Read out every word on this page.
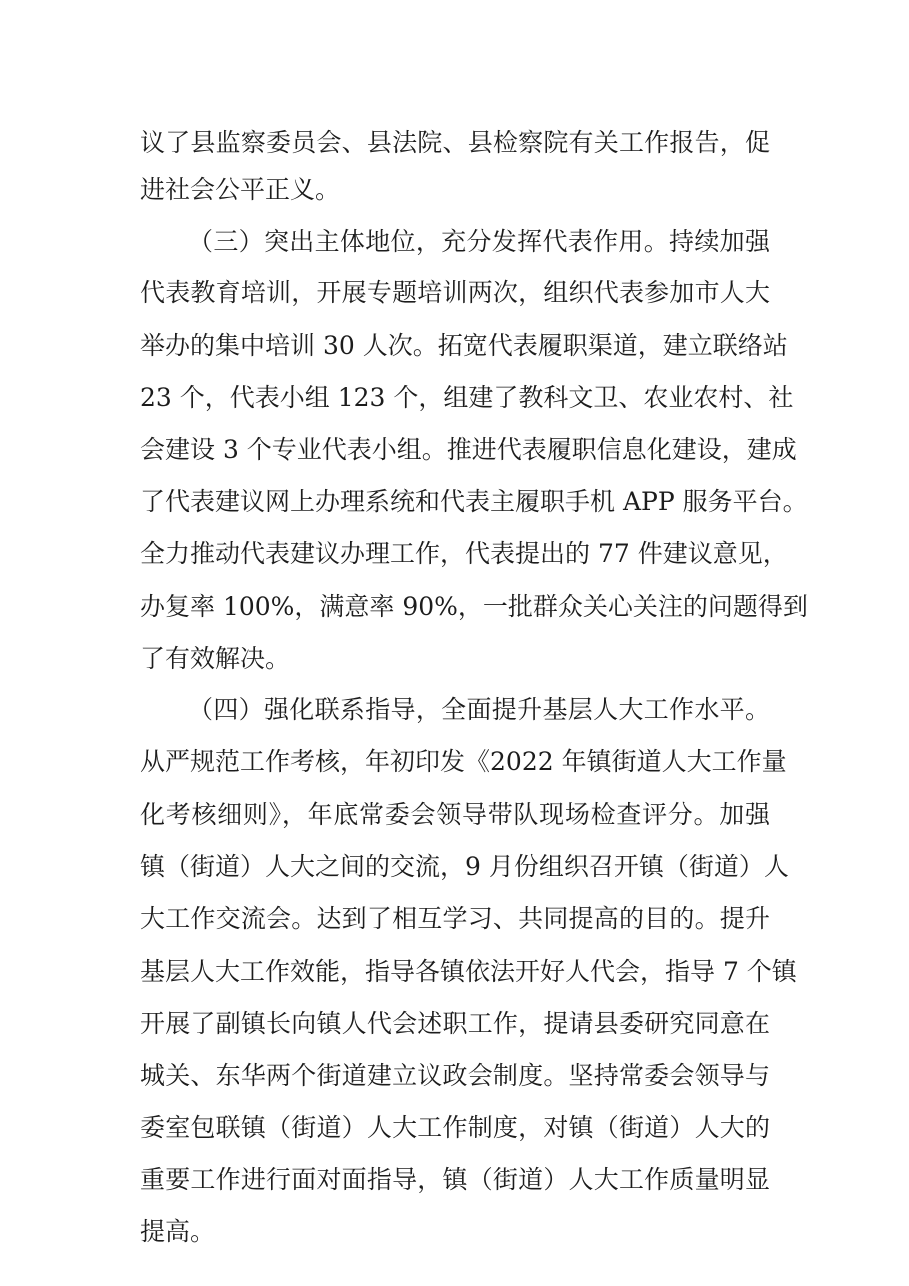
议了县监察委员会、县法院、县检察院有关工作报告，促
进社会公平正义。
（三）突出主体地位，充分发挥代表作用。持续加强
代表教育培训，开展专题培训两次，组织代表参加市人大
举办的集中培训 30 人次。拓宽代表履职渠道，建立联络站
23 个，代表小组 123 个，组建了教科文卫、农业农村、社
会建设 3 个专业代表小组。推进代表履职信息化建设，建成
了代表建议网上办理系统和代表主履职手机 APP 服务平台。
全力推动代表建议办理工作，代表提出的 77 件建议意见，
办复率 100%，满意率 90%，一批群众关心关注的问题得到
了有效解决。
（四）强化联系指导，全面提升基层人大工作水平。
从严规范工作考核，年初印发《2022 年镇街道人大工作量
化考核细则》，年底常委会领导带队现场检查评分。加强
镇（街道）人大之间的交流，9 月份组织召开镇（街道）人
大工作交流会。达到了相互学习、共同提高的目的。提升
基层人大工作效能，指导各镇依法开好人代会，指导 7 个镇
开展了副镇长向镇人代会述职工作，提请县委研究同意在
城关、东华两个街道建立议政会制度。坚持常委会领导与
委室包联镇（街道）人大工作制度，对镇（街道）人大的
重要工作进行面对面指导，镇（街道）人大工作质量明显
提高。
